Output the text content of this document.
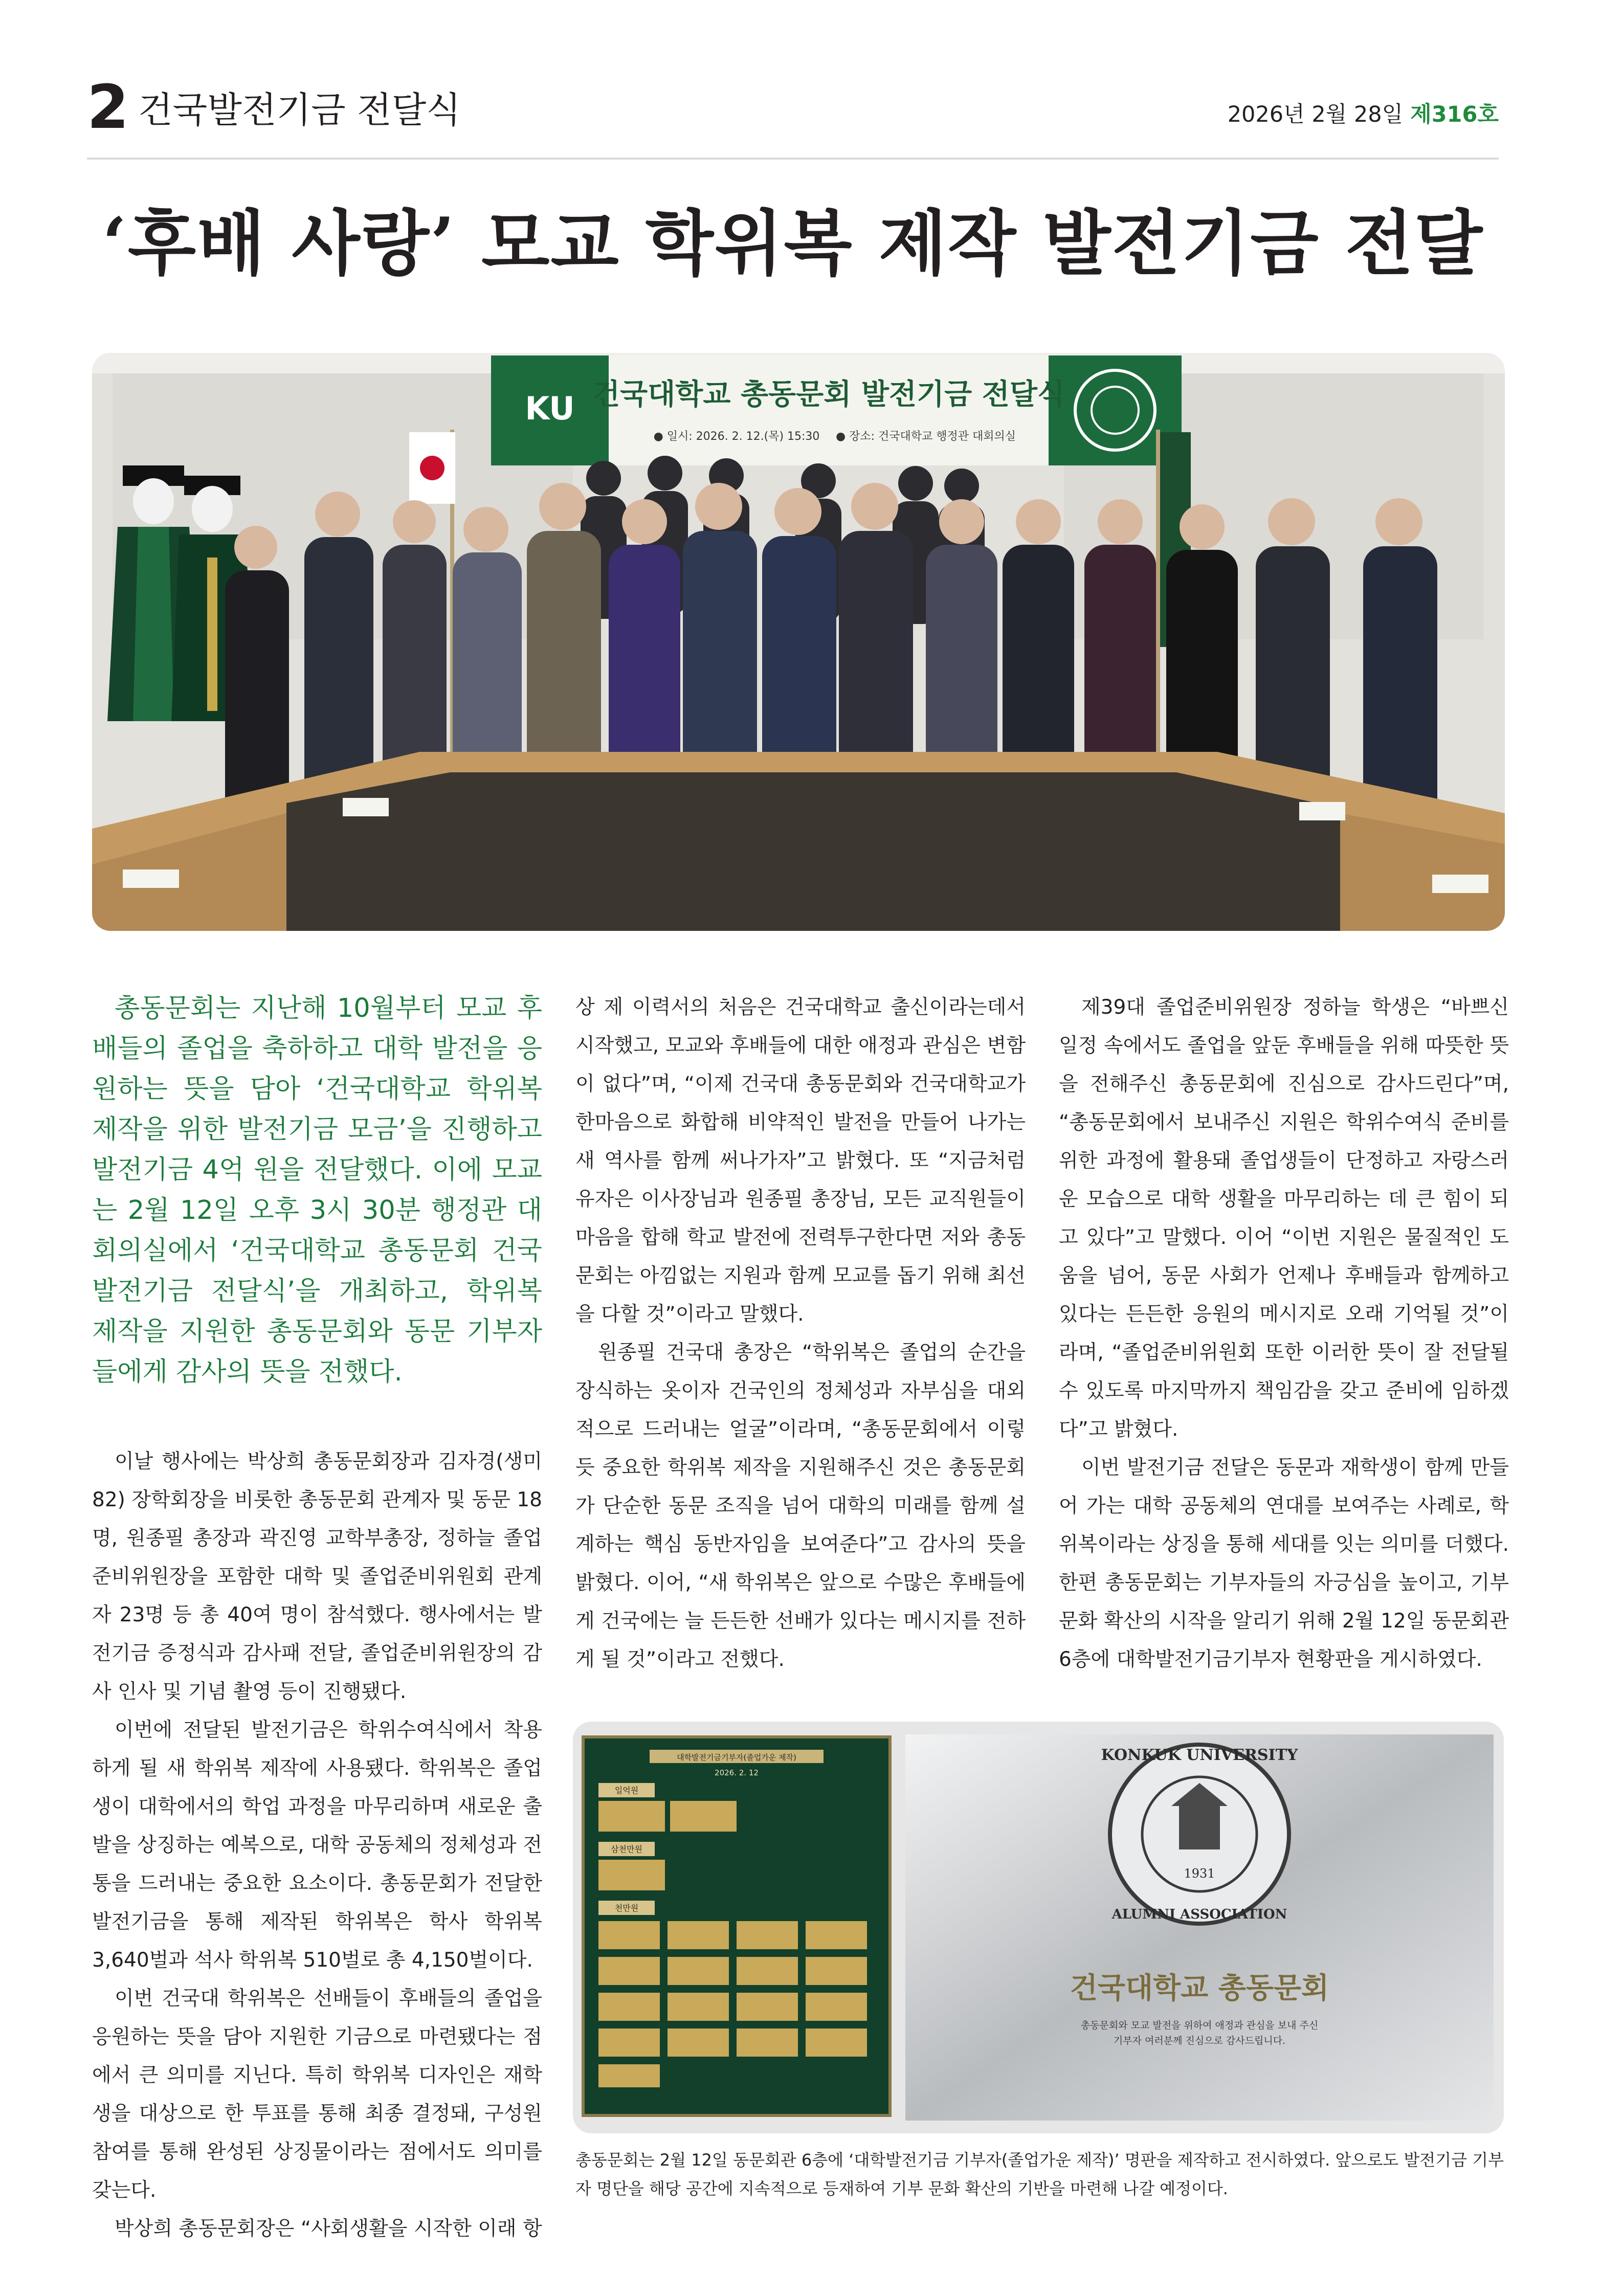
2 건국발전기금 전달식	2026년 2월 28일 제316호
‘후배 사랑’ 모교 학위복 제작 발전기금 전달
KU 건국대학교 총동문회 발전기금 전달식
● 일시: 2026. 2. 12.(목) 15:30 ● 장소: 건국대학교 행정관 대회의실

총동문회는 지난해 10월부터 모교 후배들의 졸업을 축하하고 대학 발전을 응원하는 뜻을 담아 ‘건국대학교 학위복 제작을 위한 발전기금 모금’을 진행하고 발전기금 4억 원을 전달했다. 이에 모교는 2월 12일 오후 3시 30분 행정관 대회의실에서 ‘건국대학교 총동문회 건국발전기금 전달식’을 개최하고, 학위복 제작을 지원한 총동문회와 동문 기부자들에게 감사의 뜻을 전했다.

이날 행사에는 박상희 총동문회장과 김자경(생미82) 장학회장을 비롯한 총동문회 관계자 및 동문 18명, 원종필 총장과 곽진영 교학부총장, 정하늘 졸업준비위원장을 포함한 대학 및 졸업준비위원회 관계자 23명 등 총 40여 명이 참석했다. 행사에서는 발전기금 증정식과 감사패 전달, 졸업준비위원장의 감사 인사 및 기념 촬영 등이 진행됐다.

이번에 전달된 발전기금은 학위수여식에서 착용하게 될 새 학위복 제작에 사용됐다. 학위복은 졸업생이 대학에서의 학업 과정을 마무리하며 새로운 출발을 상징하는 예복으로, 대학 공동체의 정체성과 전통을 드러내는 중요한 요소이다. 총동문회가 전달한 발전기금을 통해 제작된 학위복은 학사 학위복 3,640벌과 석사 학위복 510벌로 총 4,150벌이다.

이번 건국대 학위복은 선배들이 후배들의 졸업을 응원하는 뜻을 담아 지원한 기금으로 마련됐다는 점에서 큰 의미를 지닌다. 특히 학위복 디자인은 재학생을 대상으로 한 투표를 통해 최종 결정돼, 구성원 참여를 통해 완성된 상징물이라는 점에서도 의미를 갖는다.

박상희 총동문회장은 “사회생활을 시작한 이래 항

상 제 이력서의 처음은 건국대학교 출신이라는데서 시작했고, 모교와 후배들에 대한 애정과 관심은 변함이 없다”며, “이제 건국대 총동문회와 건국대학교가 한마음으로 화합해 비약적인 발전을 만들어 나가는 새 역사를 함께 써나가자”고 밝혔다. 또 “지금처럼 유자은 이사장님과 원종필 총장님, 모든 교직원들이 마음을 합해 학교 발전에 전력투구한다면 저와 총동문회는 아낌없는 지원과 함께 모교를 돕기 위해 최선을 다할 것”이라고 말했다.

원종필 건국대 총장은 “학위복은 졸업의 순간을 장식하는 옷이자 건국인의 정체성과 자부심을 대외적으로 드러내는 얼굴”이라며, “총동문회에서 이렇듯 중요한 학위복 제작을 지원해주신 것은 총동문회가 단순한 동문 조직을 넘어 대학의 미래를 함께 설계하는 핵심 동반자임을 보여준다”고 감사의 뜻을 밝혔다. 이어, “새 학위복은 앞으로 수많은 후배들에게 건국에는 늘 든든한 선배가 있다는 메시지를 전하게 될 것”이라고 전했다.

제39대 졸업준비위원장 정하늘 학생은 “바쁘신 일정 속에서도 졸업을 앞둔 후배들을 위해 따뜻한 뜻을 전해주신 총동문회에 진심으로 감사드린다”며, “총동문회에서 보내주신 지원은 학위수여식 준비를 위한 과정에 활용돼 졸업생들이 단정하고 자랑스러운 모습으로 대학 생활을 마무리하는 데 큰 힘이 되고 있다”고 말했다. 이어 “이번 지원은 물질적인 도움을 넘어, 동문 사회가 언제나 후배들과 함께하고 있다는 든든한 응원의 메시지로 오래 기억될 것”이라며, “졸업준비위원회 또한 이러한 뜻이 잘 전달될 수 있도록 마지막까지 책임감을 갖고 준비에 임하겠다”고 밝혔다.

이번 발전기금 전달은 동문과 재학생이 함께 만들어 가는 대학 공동체의 연대를 보여주는 사례로, 학위복이라는 상징을 통해 세대를 잇는 의미를 더했다. 한편 총동문회는 기부자들의 자긍심을 높이고, 기부 문화 확산의 시작을 알리기 위해 2월 12일 동문회관 6층에 대학발전기금기부자 현황판을 게시하였다.

대학발전기금기부자(졸업가운 제작)
2026. 2. 12
일억원
삼천만원
천만원
KONKUK UNIVERSITY
ALUMNI ASSOCIATION
1931
건국대학교 총동문회
총동문회와 모교 발전을 위하여 애정과 관심을 보내 주신
기부자 여러분께 진심으로 감사드립니다.
총동문회는 2월 12일 동문회관 6층에 ‘대학발전기금 기부자(졸업가운 제작)’ 명판을 제작하고 전시하였다. 앞으로도 발전기금 기부자 명단을 해당 공간에 지속적으로 등재하여 기부 문화 확산의 기반을 마련해 나갈 예정이다.
